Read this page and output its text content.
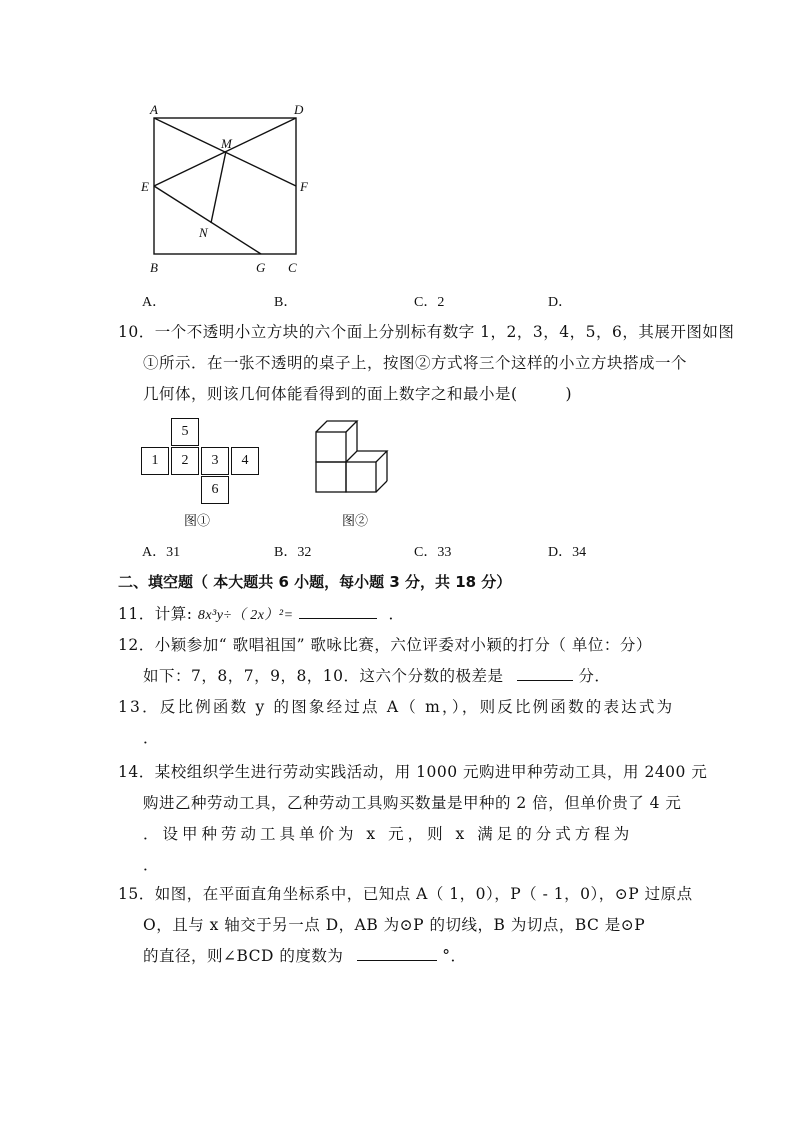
A	D
M
E	F
N
B	G C
A．	B．	C．2	D．
10．一个不透明小立方块的六个面上分别标有数字 1，2，3，4，5，6，其展开图如图
①所示．在一张不透明的桌子上，按图②方式将三个这样的小立方块搭成一个
几何体，则该几何体能看得到的面上数字之和最小是(　　　)
5
1	2	3	4
6
图①	图②
A．31	B．32	C．33	D．34
二、填空题（ 本大题共 6 小题，每小题 3 分，共 18 分）
11．计算: 8x³y÷（ 2x）²=	．
12．小颖参加“ 歌唱祖国” 歌咏比赛，六位评委对小颖的打分（ 单位：分）
如下：7，8，7，9，8，10．这六个分数的极差是	分．
13．反比例函数 y 的图象经过点 A（ m，），则反比例函数的表达式为
．
14．某校组织学生进行劳动实践活动，用 1000 元购进甲种劳动工具，用 2400 元
购进乙种劳动工具，乙种劳动工具购买数量是甲种的 2 倍，但单价贵了 4 元
．设甲种劳动工具单价为 x 元，则 x 满足的分式方程为
．
15．如图，在平面直角坐标系中，已知点 A（ 1，0），P（ - 1，0），⊙P 过原点
O，且与 x 轴交于另一点 D，AB 为⊙P 的切线，B 为切点，BC 是⊙P
的直径，则∠BCD 的度数为	°．
